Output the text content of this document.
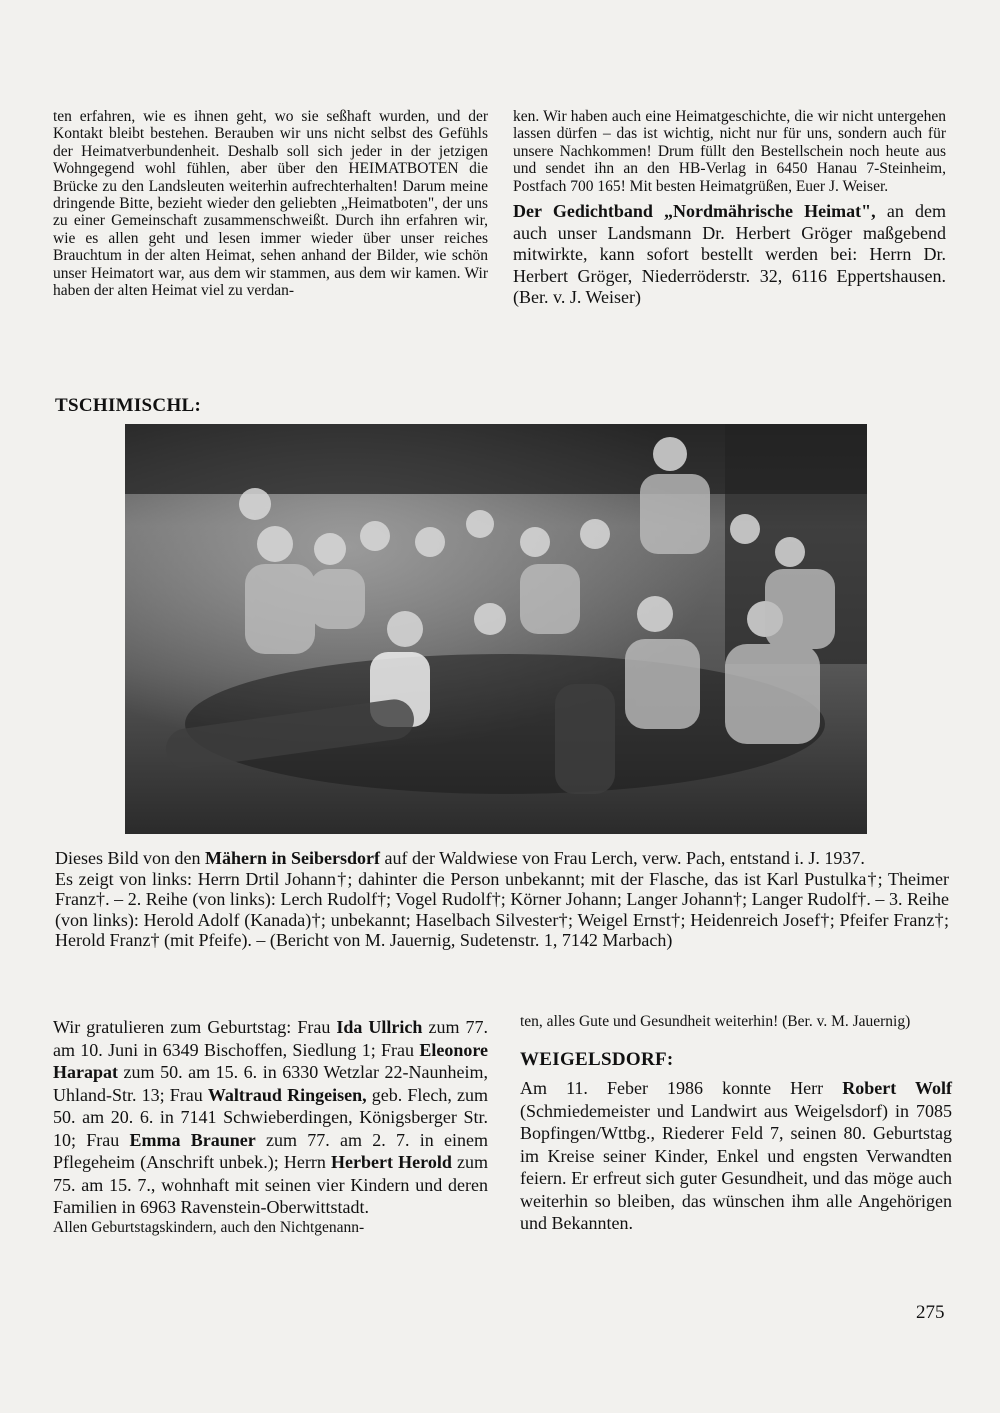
ten erfahren, wie es ihnen geht, wo sie seßhaft wurden, und der Kontakt bleibt bestehen. Berauben wir uns nicht selbst des Gefühls der Heimatverbundenheit. Deshalb soll sich jeder in der jetzigen Wohngegend wohl fühlen, aber über den HEIMATBOTEN die Brücke zu den Landsleuten weiterhin aufrechterhalten! Darum meine dringende Bitte, bezieht wieder den geliebten „Heimatboten", der uns zu einer Gemeinschaft zusammenschweißt. Durch ihn erfahren wir, wie es allen geht und lesen immer wieder über unser reiches Brauchtum in der alten Heimat, sehen anhand der Bilder, wie schön unser Heimatort war, aus dem wir stammen, aus dem wir kamen. Wir haben der alten Heimat viel zu verdan-

ken. Wir haben auch eine Heimatgeschichte, die wir nicht untergehen lassen dürfen – das ist wichtig, nicht nur für uns, sondern auch für unsere Nachkommen! Drum füllt den Bestellschein noch heute aus und sendet ihn an den HB-Verlag in 6450 Hanau 7-Steinheim, Postfach 700 165! Mit besten Heimatgrüßen, Euer J. Weiser.

Der Gedichtband „Nordmährische Heimat", an dem auch unser Landsmann Dr. Herbert Gröger maßgebend mitwirkte, kann sofort bestellt werden bei: Herrn Dr. Herbert Gröger, Niederröderstr. 32, 6116 Eppertshausen. (Ber. v. J. Weiser)

TSCHIMISCHL:

Dieses Bild von den Mähern in Seibersdorf auf der Waldwiese von Frau Lerch, verw. Pach, entstand i. J. 1937.

Es zeigt von links: Herrn Drtil Johann†; dahinter die Person unbekannt; mit der Flasche, das ist Karl Pustulka†; Theimer Franz†. – 2. Reihe (von links): Lerch Rudolf†; Vogel Rudolf†; Körner Johann; Langer Johann†; Langer Rudolf†. – 3. Reihe (von links): Herold Adolf (Kanada)†; unbekannt; Haselbach Silvester†; Weigel Ernst†; Heidenreich Josef†; Pfeifer Franz†; Herold Franz† (mit Pfeife). – (Bericht von M. Jauernig, Sudetenstr. 1, 7142 Marbach)

Wir gratulieren zum Geburtstag: Frau Ida Ullrich zum 77. am 10. Juni in 6349 Bischoffen, Siedlung 1; Frau Eleonore Harapat zum 50. am 15. 6. in 6330 Wetzlar 22-Naunheim, Uhland-Str. 13; Frau Waltraud Ringeisen, geb. Flech, zum 50. am 20. 6. in 7141 Schwieberdingen, Königsberger Str. 10; Frau Emma Brauner zum 77. am 2. 7. in einem Pflegeheim (Anschrift unbek.); Herrn Herbert Herold zum 75. am 15. 7., wohnhaft mit seinen vier Kindern und deren Familien in 6963 Ravenstein-Oberwittstadt.

Allen Geburtstagskindern, auch den Nichtgenann-

ten, alles Gute und Gesundheit weiterhin! (Ber. v. M. Jauernig)

WEIGELSDORF:

Am 11. Feber 1986 konnte Herr Robert Wolf (Schmiedemeister und Landwirt aus Weigelsdorf) in 7085 Bopfingen/Wttbg., Riederer Feld 7, seinen 80. Geburtstag im Kreise seiner Kinder, Enkel und engsten Verwandten feiern. Er erfreut sich guter Gesundheit, und das möge auch weiterhin so bleiben, das wünschen ihm alle Angehörigen und Bekannten.

275
